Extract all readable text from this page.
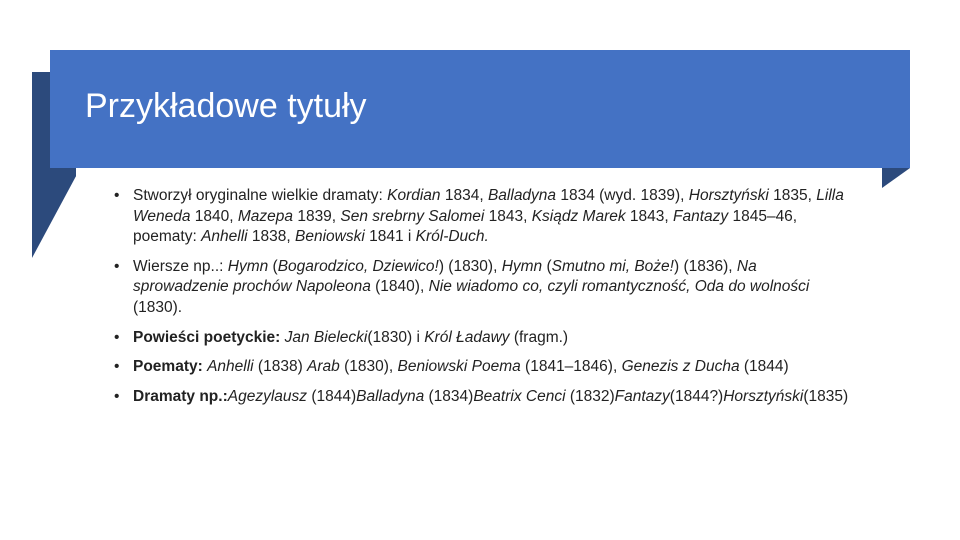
Przykładowe tytuły
• Stworzył oryginalne wielkie dramaty: Kordian 1834, Balladyna 1834 (wyd. 1839), Horsztyński 1835, Lilla Weneda 1840, Mazepa 1839, Sen srebrny Salomei 1843, Ksiądz Marek 1843, Fantazy 1845–46, poematy: Anhelli 1838, Beniowski 1841 i Król-Duch.
• Wiersze np..: Hymn (Bogarodzico, Dziewico!) (1830), Hymn (Smutno mi, Boże!) (1836), Na sprowadzenie prochów Napoleona (1840), Nie wiadomo co, czyli romantyczność, Oda do wolności (1830).
• Powieści poetyckie: Jan Bielecki(1830) i Król Ładawy (fragm.)
• Poematy: Anhelli (1838) Arab (1830), Beniowski Poema (1841–1846), Genezis z Ducha (1844)
• Dramaty np.:Agezylausz (1844)Balladyna (1834)Beatrix Cenci (1832)Fantazy(1844?)Horsztyński(1835)
